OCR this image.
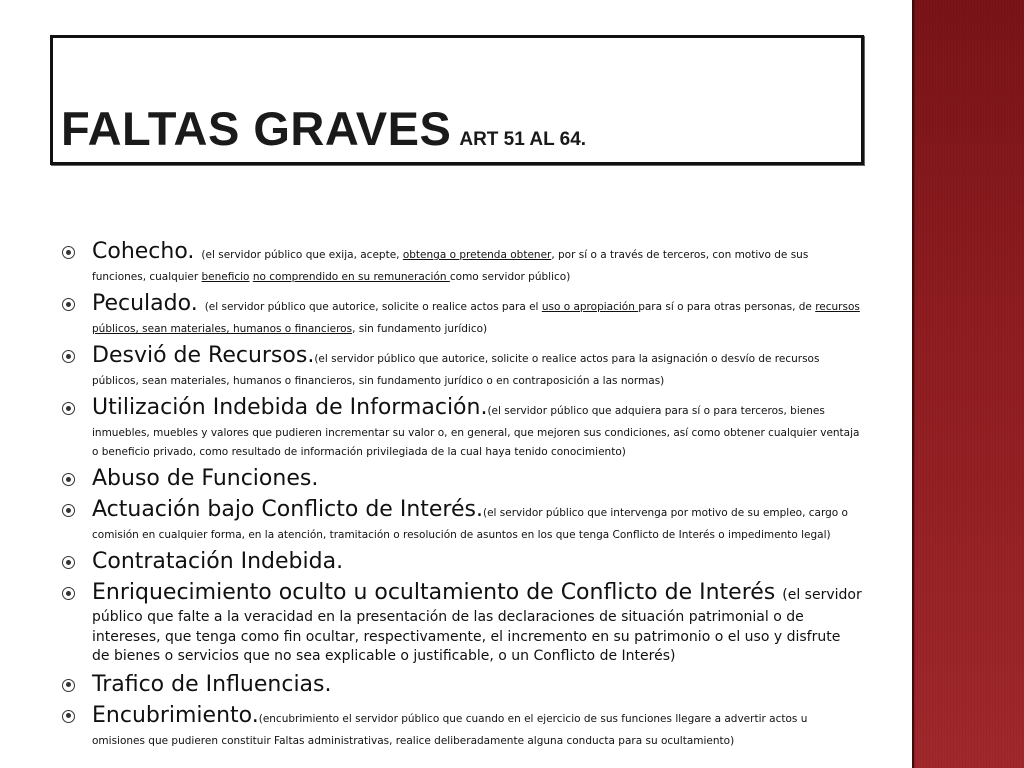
FALTAS GRAVES ART 51 AL 64.
Cohecho. (el servidor público que exija, acepte, obtenga o pretenda obtener, por sí o a través de terceros, con motivo de sus funciones, cualquier beneficio no comprendido en su remuneración como servidor público)
Peculado. (el servidor público que autorice, solicite o realice actos para el uso o apropiación para sí o para otras personas, de recursos públicos, sean materiales, humanos o financieros, sin fundamento jurídico)
Desvió de Recursos.(el servidor público que autorice, solicite o realice actos para la asignación o desvío de recursos públicos, sean materiales, humanos o financieros, sin fundamento jurídico o en contraposición a las normas)
Utilización Indebida de Información.(el servidor público que adquiera para sí o para terceros, bienes inmuebles, muebles y valores que pudieren incrementar su valor o, en general, que mejoren sus condiciones, así como obtener cualquier ventaja o beneficio privado, como resultado de información privilegiada de la cual haya tenido conocimiento)
Abuso de Funciones.
Actuación bajo Conflicto de Interés.(el servidor público que intervenga por motivo de su empleo, cargo o comisión en cualquier forma, en la atención, tramitación o resolución de asuntos en los que tenga Conflicto de Interés o impedimento legal)
Contratación Indebida.
Enriquecimiento oculto u ocultamiento de Conflicto de Interés (el servidor público que falte a la veracidad en la presentación de las declaraciones de situación patrimonial o de intereses, que tenga como fin ocultar, respectivamente, el incremento en su patrimonio o el uso y disfrute de bienes o servicios que no sea explicable o justificable, o un Conflicto de Interés)
Trafico de Influencias.
Encubrimiento.(encubrimiento el servidor público que cuando en el ejercicio de sus funciones llegare a advertir actos u omisiones que pudieren constituir Faltas administrativas, realice deliberadamente alguna conducta para su ocultamiento)
